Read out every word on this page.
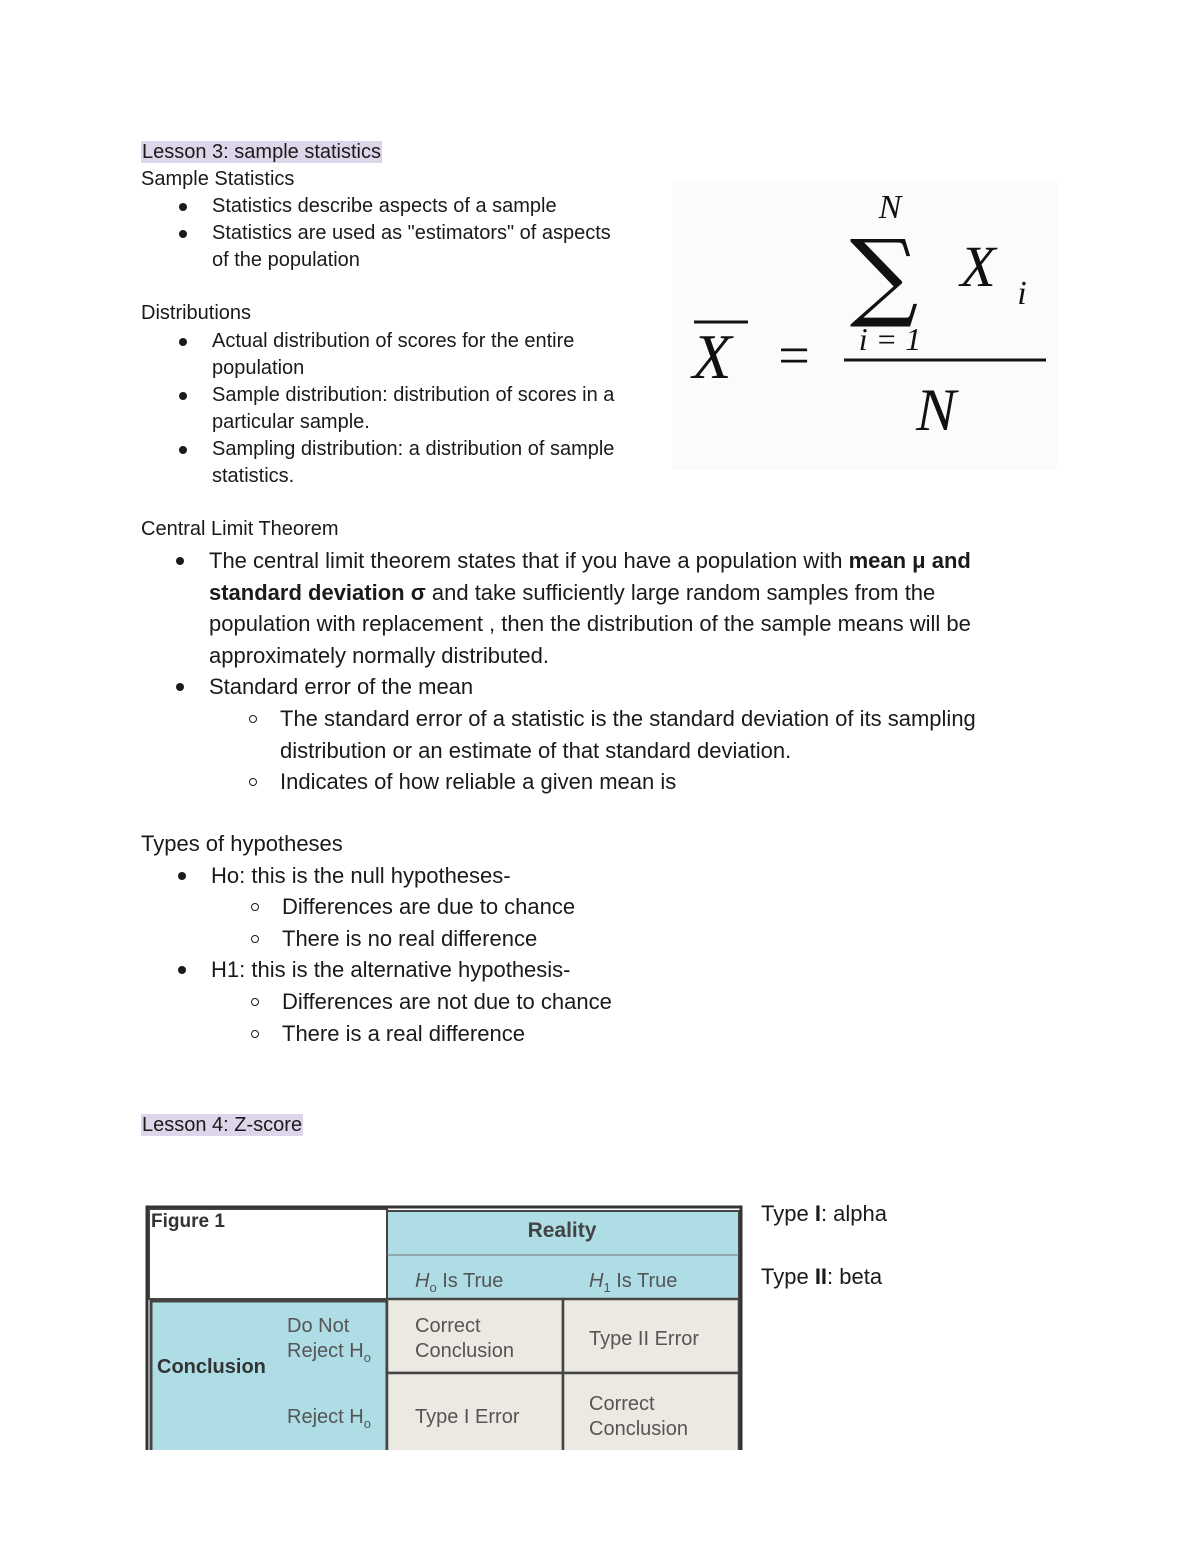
Lesson 3: sample statistics
Sample Statistics
Statistics describe aspects of a sample
Statistics are used as "estimators" of aspects
of the population
Distributions
Actual distribution of scores for the entire
population
Sample distribution: distribution of scores in a
particular sample.
Sampling distribution: a distribution of sample
statistics.
N
∑ X i
i = 1
N
X =
Central Limit Theorem
The central limit theorem states that if you have a population with mean μ and
standard deviation σ and take sufficiently large random samples from the
population with replacement , then the distribution of the sample means will be
approximately normally distributed.
Standard error of the mean
The standard error of a statistic is the standard deviation of its sampling
distribution or an estimate of that standard deviation.
Indicates of how reliable a given mean is
Types of hypotheses
Ho: this is the null hypotheses-
Differences are due to chance
There is no real difference
H1: this is the alternative hypothesis-
Differences are not due to chance
There is a real difference
Lesson 4: Z-score
Figure 1	Reality
$H_o$ Is True	$H_1$ Is True
Conclusion
Do Not
Reject $H_o$
Reject $H_o$
Correct
Conclusion
Type II Error
Type I Error
Correct
Conclusion
Type I: alpha
Type II: beta
